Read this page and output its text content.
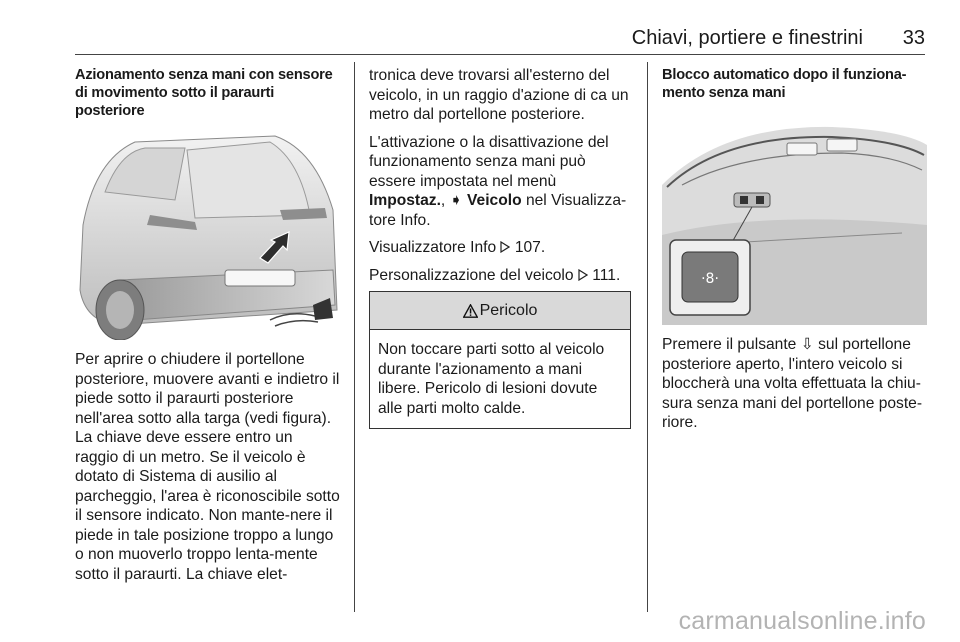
Chiavi, portiere e finestrini 33
Azionamento senza mani con sensore di movimento sotto il paraurti posteriore

Per aprire o chiudere il portellone posteriore, muovere avanti e indietro il piede sotto il paraurti posteriore nell'area sotto alla targa (vedi figura). La chiave deve essere entro un raggio di un metro. Se il veicolo è dotato di Sistema di ausilio al parcheggio, l'area è riconoscibile sotto il sensore indicato. Non mante-nere il piede in tale posizione troppo a lungo o non muoverlo troppo lenta-mente sotto il paraurti. La chiave elet-

tronica deve trovarsi all'esterno del veicolo, in un raggio d'azione di ca un metro dal portellone posteriore.

L'attivazione o la disattivazione del funzionamento senza mani può essere impostata nel menù Impostaz., ➧ Veicolo nel Visualizza-tore Info.

Visualizzatore Info 107.

Personalizzazione del veicolo 111.

Pericolo

Non toccare parti sotto al veicolo durante l'azionamento a mani libere. Pericolo di lesioni dovute alle parti molto calde.

Blocco automatico dopo il funziona-mento senza mani
·8·

Premere il pulsante ⇩ sul portellone posteriore aperto, l'intero veicolo si bloccherà una volta effettuata la chiu-sura senza mani del portellone poste-riore.

carmanualsonline.info
